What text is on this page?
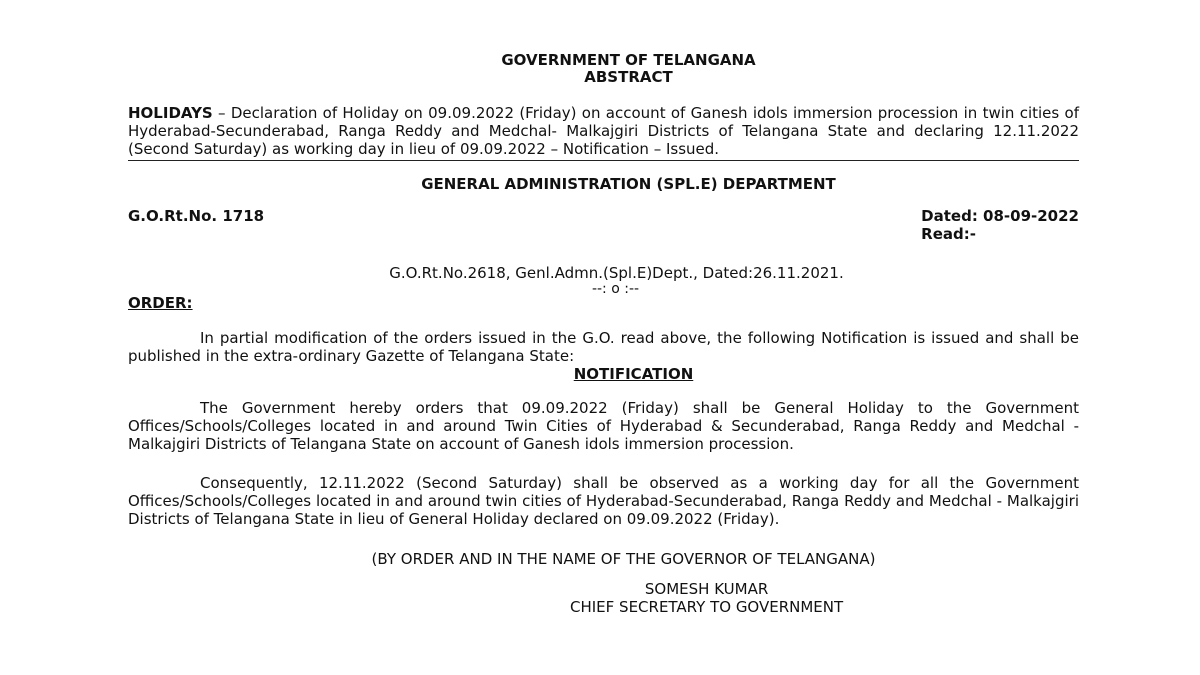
GOVERNMENT OF TELANGANA
ABSTRACT
HOLIDAYS – Declaration of Holiday on 09.09.2022 (Friday) on account of Ganesh idols immersion procession in twin cities of Hyderabad-Secunderabad, Ranga Reddy and Medchal- Malkajgiri Districts of Telangana State and declaring 12.11.2022 (Second Saturday) as working day in lieu of 09.09.2022 – Notification – Issued.
GENERAL ADMINISTRATION (SPL.E) DEPARTMENT
G.O.Rt.No. 1718	Dated: 08-09-2022
Read:-
G.O.Rt.No.2618, Genl.Admn.(Spl.E)Dept., Dated:26.11.2021.
--: o :--
ORDER:
In partial modification of the orders issued in the G.O. read above, the following Notification is issued and shall be published in the extra-ordinary Gazette of Telangana State:
NOTIFICATION
The Government hereby orders that 09.09.2022 (Friday) shall be General Holiday to the Government Offices/Schools/Colleges located in and around Twin Cities of Hyderabad & Secunderabad, Ranga Reddy and Medchal - Malkajgiri Districts of Telangana State on account of Ganesh idols immersion procession.
Consequently, 12.11.2022 (Second Saturday) shall be observed as a working day for all the Government Offices/Schools/Colleges located in and around twin cities of Hyderabad-Secunderabad, Ranga Reddy and Medchal - Malkajgiri Districts of Telangana State in lieu of General Holiday declared on 09.09.2022 (Friday).
(BY ORDER AND IN THE NAME OF THE GOVERNOR OF TELANGANA)
SOMESH KUMAR
CHIEF SECRETARY TO GOVERNMENT
